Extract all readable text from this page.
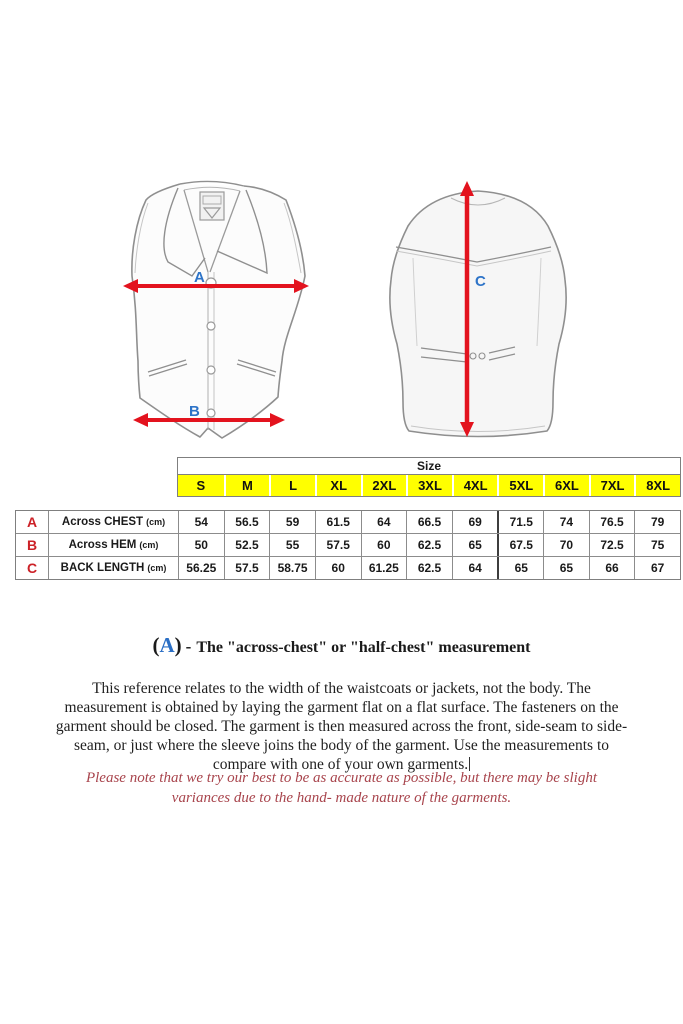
A
B
C
Size
S	M	L	XL	2XL	3XL	4XL	5XL	6XL	7XL	8XL
A	Across CHEST (cm)	54	56.5	59	61.5	64	66.5	69	71.5	74	76.5	79
B	Across HEM (cm)	50	52.5	55	57.5	60	62.5	65	67.5	70	72.5	75
C	BACK LENGTH (cm)	56.25	57.5	58.75	60	61.25	62.5	64	65	65	66	67
(A) - The "across-chest" or "half-chest" measurement
This reference relates to the width of the waistcoats or jackets, not the body. The
measurement is obtained by laying the garment flat on a flat surface. The fasteners on the
garment should be closed. The garment is then measured across the front, side-seam to side-
seam, or just where the sleeve joins the body of the garment. Use the measurements to
compare with one of your own garments.
Please note that we try our best to be as accurate as possible, but there may be slight
variances due to the hand- made nature of the garments.
